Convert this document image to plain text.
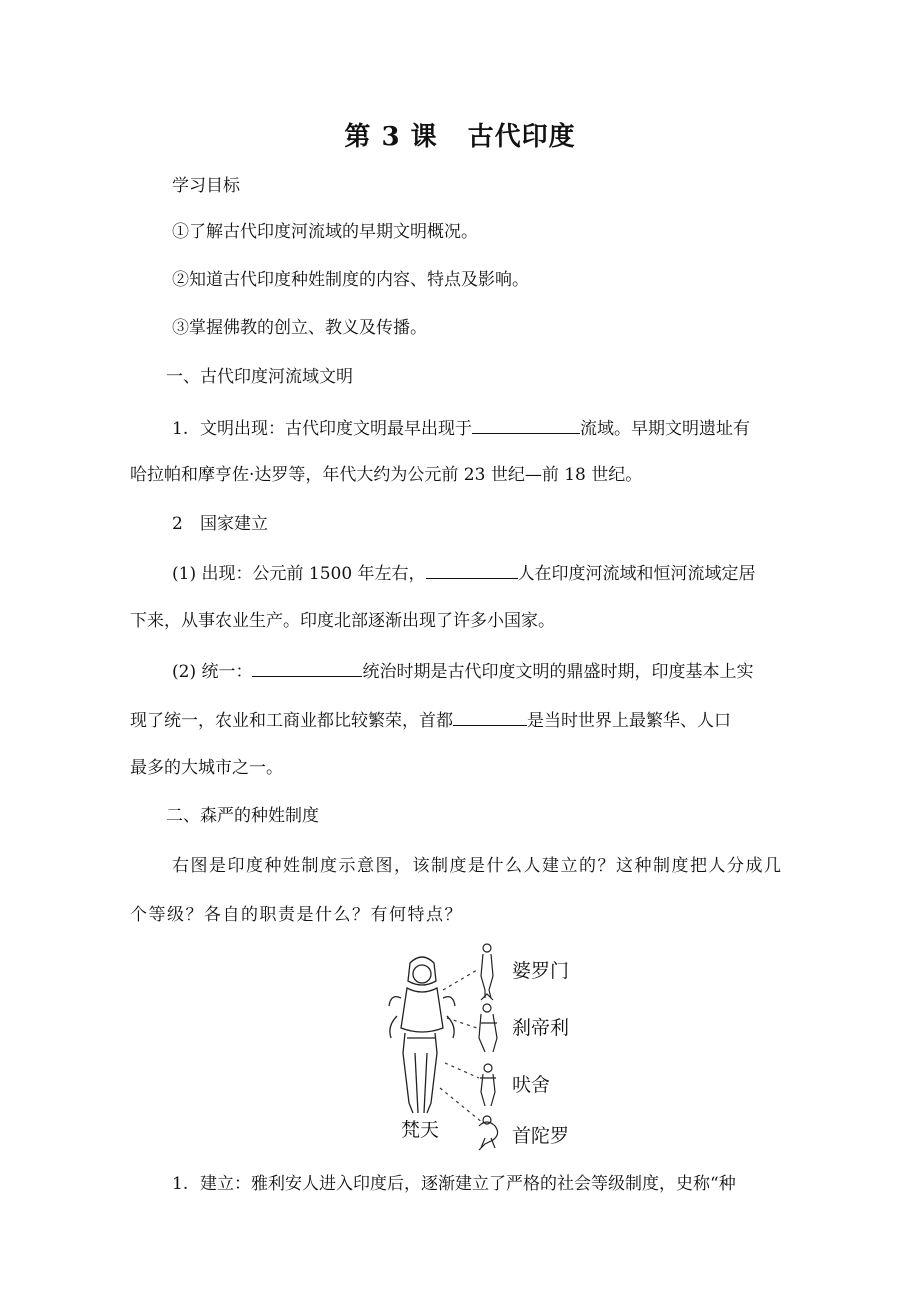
第 3 课 古代印度
学习目标
①了解古代印度河流域的早期文明概况。
②知道古代印度种姓制度的内容、特点及影响。
③掌握佛教的创立、教义及传播。
一、古代印度河流域文明
1. 文明出现：古代印度文明最早出现于	流域。早期文明遗址有
哈拉帕和摩亨佐·达罗等，年代大约为公元前 23 世纪—前 18 世纪。
2 国家建立
(1) 出现：公元前 1500 年左右，	人在印度河流域和恒河流域定居
下来，从事农业生产。印度北部逐渐出现了许多小国家。
(2) 统一：	统治时期是古代印度文明的鼎盛时期，印度基本上实
现了统一，农业和工商业都比较繁荣，首都	是当时世界上最繁华、人口
最多的大城市之一。
二、森严的种姓制度
右图是印度种姓制度示意图，该制度是什么人建立的？这种制度把人分成几
个等级？各自的职责是什么？有何特点？
梵天
婆罗门
刹帝利
吠舍
首陀罗
1. 建立：雅利安人进入印度后，逐渐建立了严格的社会等级制度，史称“种
